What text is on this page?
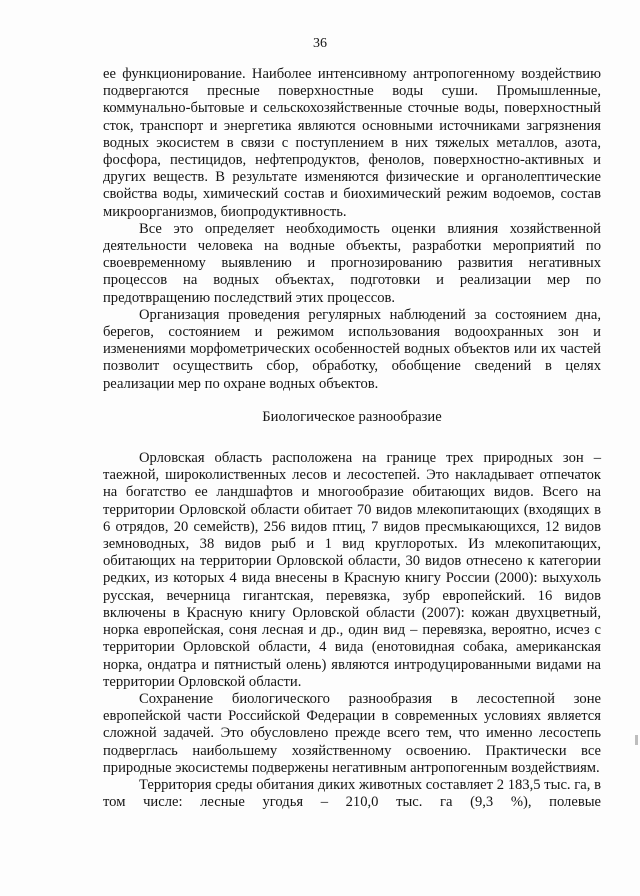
36

ее функционирование. Наиболее интенсивному антропогенному воздействию подвергаются пресные поверхностные воды суши. Промышленные, коммунально-бытовые и сельскохозяйственные сточные воды, поверхностный сток, транспорт и энергетика являются основными источниками загрязнения водных экосистем в связи с поступлением в них тяжелых металлов, азота, фосфора, пестицидов, нефтепродуктов, фенолов, поверхностно-активных и других веществ. В результате изменяются физические и органолептические свойства воды, химический состав и биохимический режим водоемов, состав микроорганизмов, биопродуктивность.

Все это определяет необходимость оценки влияния хозяйственной деятельности человека на водные объекты, разработки мероприятий по своевременному выявлению и прогнозированию развития негативных процессов на водных объектах, подготовки и реализации мер по предотвращению последствий этих процессов.

Организация проведения регулярных наблюдений за состоянием дна, берегов, состоянием и режимом использования водоохранных зон и изменениями морфометрических особенностей водных объектов или их частей позволит осуществить сбор, обработку, обобщение сведений в целях реализации мер по охране водных объектов.

Биологическое разнообразие

Орловская область расположена на границе трех природных зон – таежной, широколиственных лесов и лесостепей. Это накладывает отпечаток на богатство ее ландшафтов и многообразие обитающих видов. Всего на территории Орловской области обитает 70 видов млекопитающих (входящих в 6 отрядов, 20 семейств), 256 видов птиц, 7 видов пресмыкающихся, 12 видов земноводных, 38 видов рыб и 1 вид круглоротых. Из млекопитающих, обитающих на территории Орловской области, 30 видов отнесено к категории редких, из которых 4 вида внесены в Красную книгу России (2000): выхухоль русская, вечерница гигантская, перевязка, зубр европейский. 16 видов включены в Красную книгу Орловской области (2007): кожан двухцветный, норка европейская, соня лесная и др., один вид – перевязка, вероятно, исчез с территории Орловской области, 4 вида (енотовидная собака, американская норка, ондатра и пятнистый олень) являются интродуцированными видами на территории Орловской области.

Сохранение биологического разнообразия в лесостепной зоне европейской части Российской Федерации в современных условиях является сложной задачей. Это обусловлено прежде всего тем, что именно лесостепь подверглась наибольшему хозяйственному освоению. Практически все природные экосистемы подвержены негативным антропогенным воздействиям.

Территория среды обитания диких животных составляет 2 183,5 тыс. га, в том числе: лесные угодья – 210,0 тыс. га (9,3 %), полевые
